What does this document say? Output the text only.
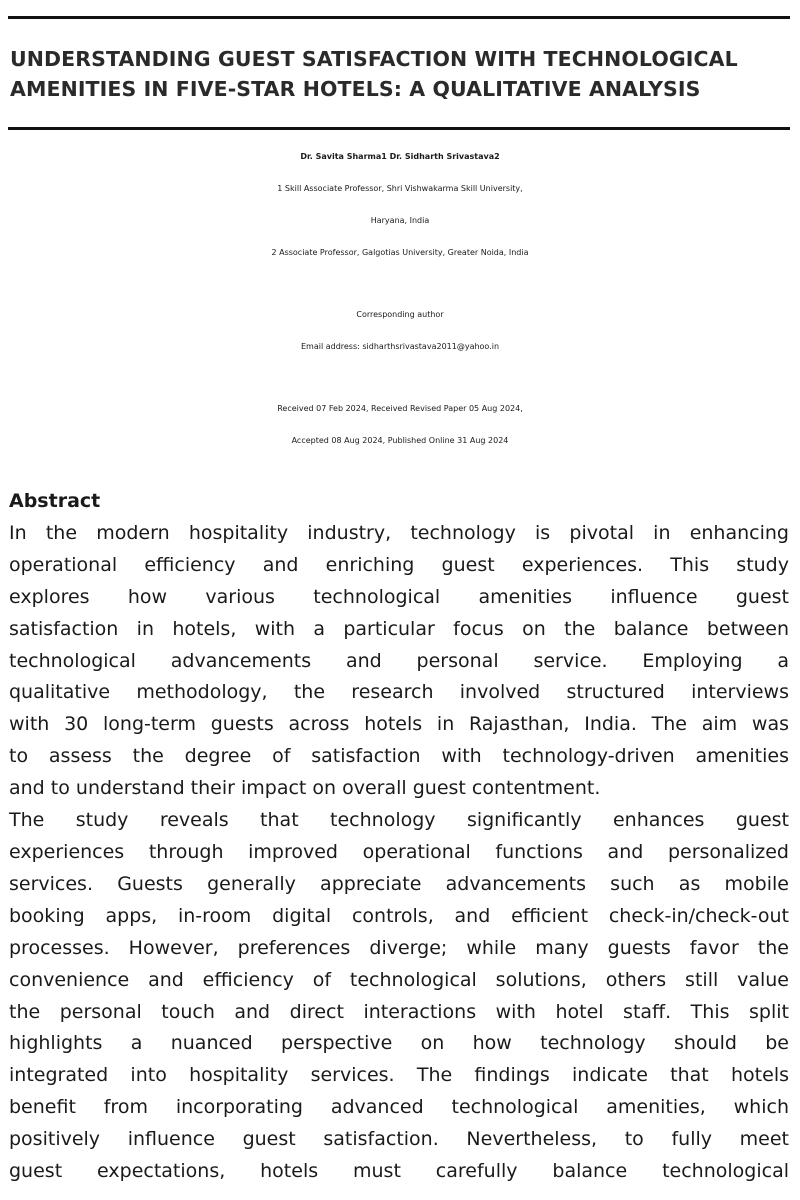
UNDERSTANDING GUEST SATISFACTION WITH TECHNOLOGICAL
AMENITIES IN FIVE-STAR HOTELS: A QUALITATIVE ANALYSIS
Dr. Savita Sharma1 Dr. Sidharth Srivastava2
1 Skill Associate Professor, Shri Vishwakarma Skill University,
Haryana, India
2 Associate Professor, Galgotias University, Greater Noida, India
Corresponding author
Email address: sidharthsrivastava2011@yahoo.in
Received 07 Feb 2024, Received Revised Paper 05 Aug 2024,
Accepted 08 Aug 2024, Published Online 31 Aug 2024
Abstract

In the modern hospitality industry, technology is pivotal in enhancing
operational efficiency and enriching guest experiences. This study
explores how various technological amenities influence guest
satisfaction in hotels, with a particular focus on the balance between
technological advancements and personal service. Employing a
qualitative methodology, the research involved structured interviews
with 30 long-term guests across hotels in Rajasthan, India. The aim was
to assess the degree of satisfaction with technology-driven amenities
and to understand their impact on overall guest contentment.

The study reveals that technology significantly enhances guest
experiences through improved operational functions and personalized
services. Guests generally appreciate advancements such as mobile
booking apps, in-room digital controls, and efficient check-in/check-out
processes. However, preferences diverge; while many guests favor the
convenience and efficiency of technological solutions, others still value
the personal touch and direct interactions with hotel staff. This split
highlights a nuanced perspective on how technology should be
integrated into hospitality services. The findings indicate that hotels
benefit from incorporating advanced technological amenities, which
positively influence guest satisfaction. Nevertheless, to fully meet
guest expectations, hotels must carefully balance technological
